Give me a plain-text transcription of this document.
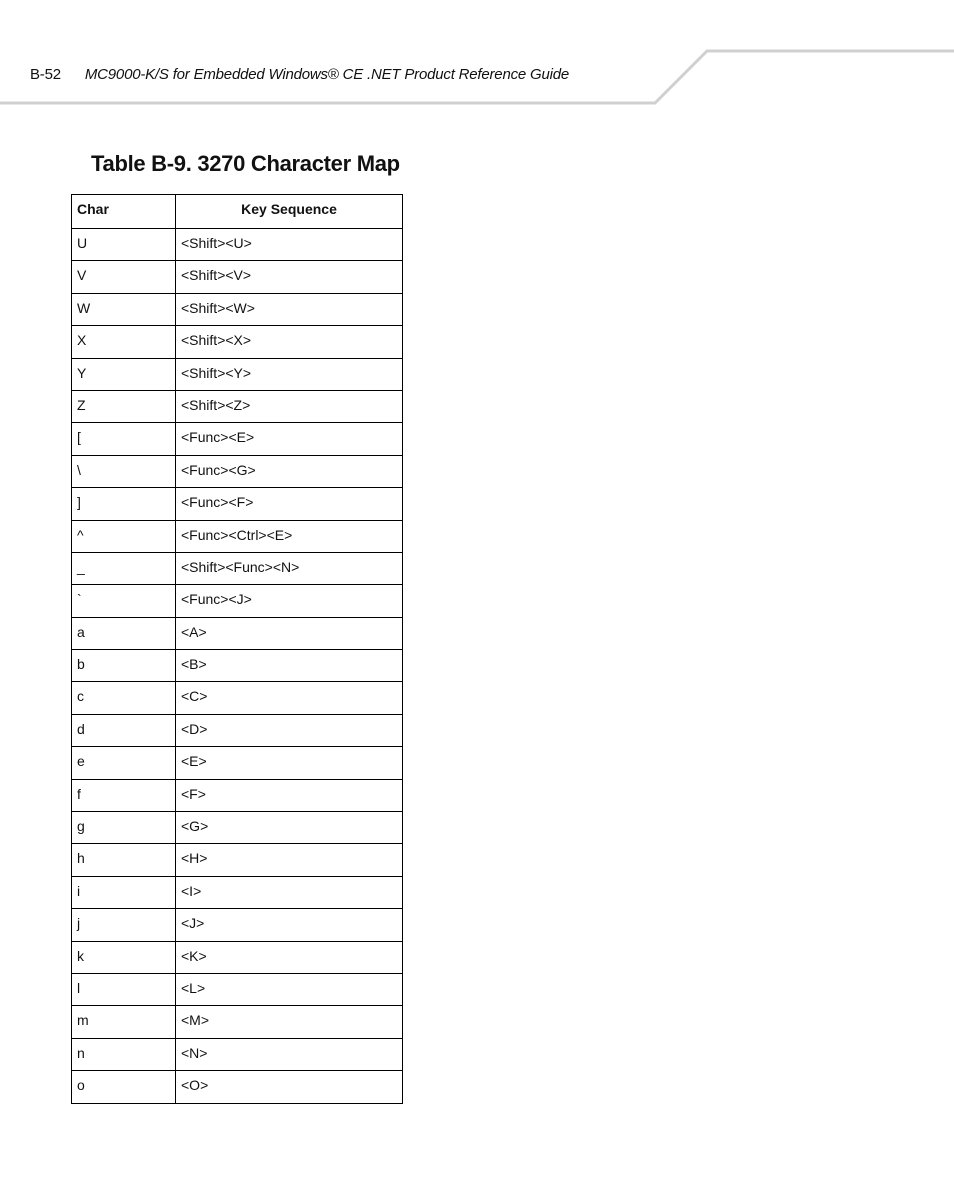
B-52 MC9000-K/S for Embedded Windows® CE .NET Product Reference Guide
Table B-9. 3270 Character Map
Char	Key Sequence
U	<Shift><U>
V	<Shift><V>
W	<Shift><W>
X	<Shift><X>
Y	<Shift><Y>
Z	<Shift><Z>
[	<Func><E>
\	<Func><G>
]	<Func><F>
^	<Func><Ctrl><E>
_	<Shift><Func><N>
`	<Func><J>
a	<A>
b	<B>
c	<C>
d	<D>
e	<E>
f	<F>
g	<G>
h	<H>
i	<I>
j	<J>
k	<K>
l	<L>
m	<M>
n	<N>
o	<O>
